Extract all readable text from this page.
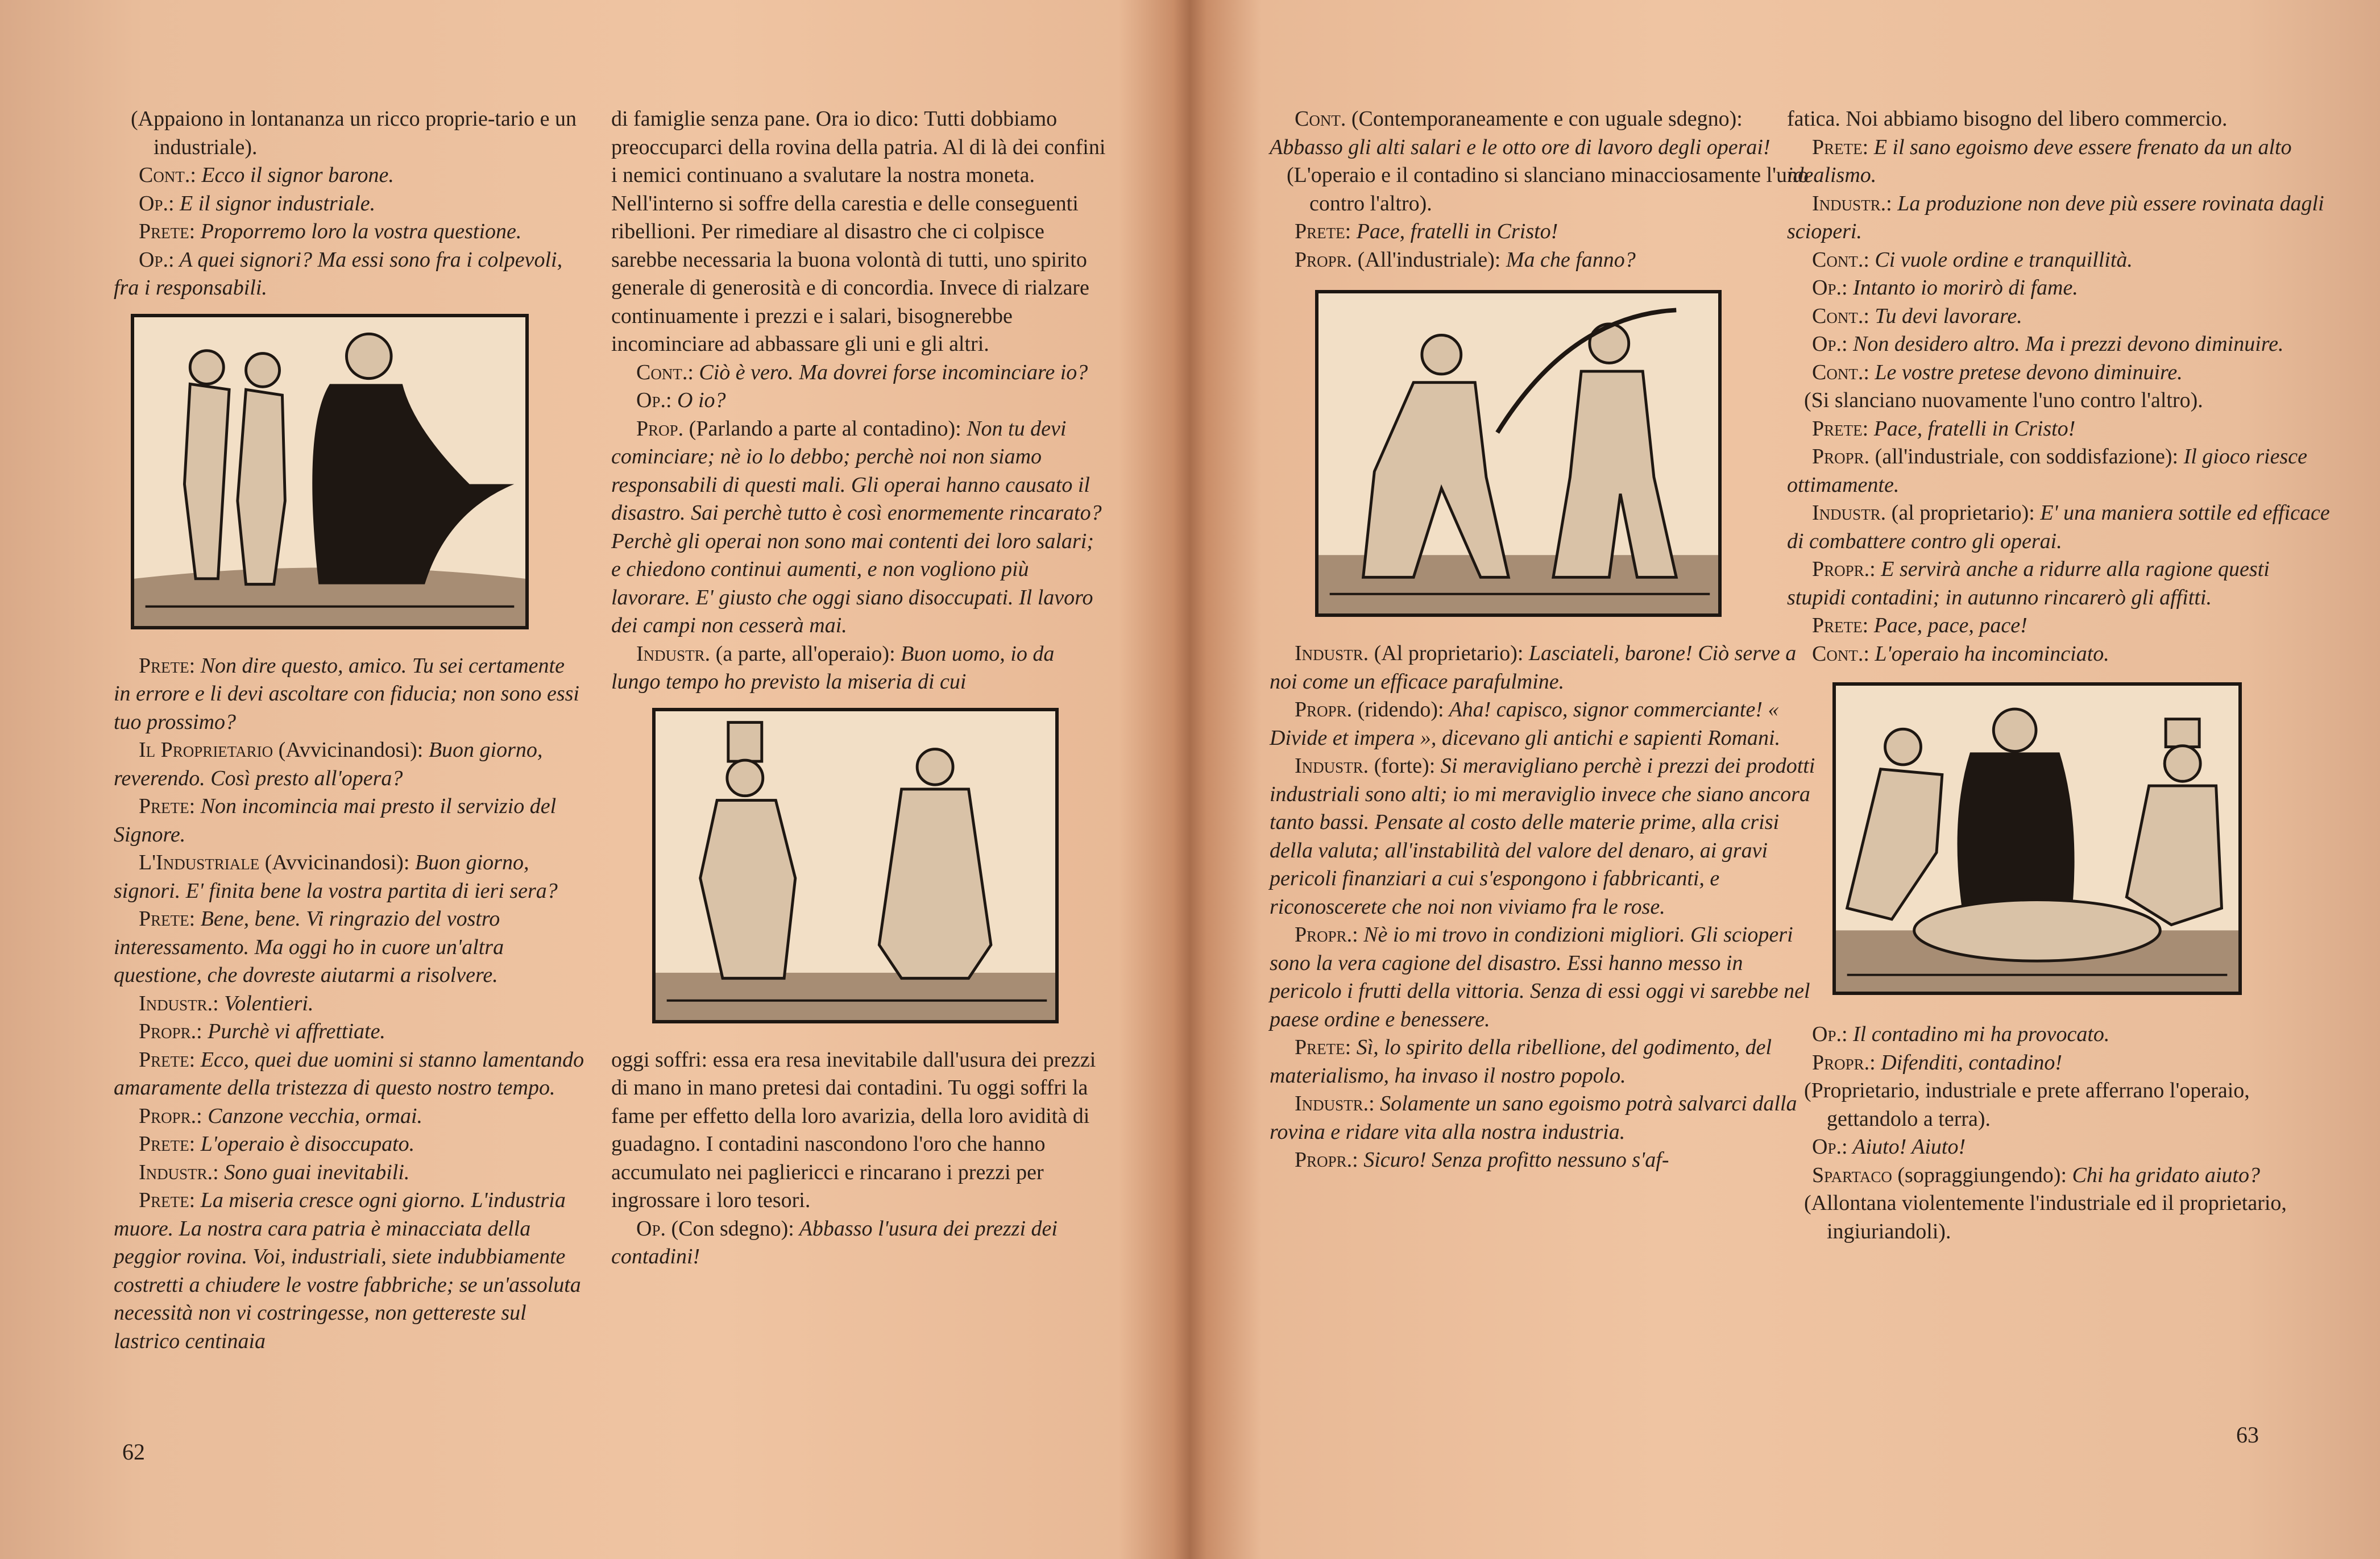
(Appaiono in lontananza un ricco proprie-tario e un industriale).

Cont.: Ecco il signor barone.

Op.: E il signor industriale.

Prete: Proporremo loro la vostra questione.

Op.: A quei signori? Ma essi sono fra i colpevoli, fra i responsabili.

Prete: Non dire questo, amico. Tu sei certamente in errore e li devi ascoltare con fiducia; non sono essi tuo prossimo?

Il Proprietario (Avvicinandosi): Buon giorno, reverendo. Così presto all'opera?

Prete: Non incomincia mai presto il servizio del Signore.

L'Industriale (Avvicinandosi): Buon giorno, signori. E' finita bene la vostra partita di ieri sera?

Prete: Bene, bene. Vi ringrazio del vostro interessamento. Ma oggi ho in cuore un'altra questione, che dovreste aiutarmi a risolvere.

Industr.: Volentieri.

Propr.: Purchè vi affrettiate.

Prete: Ecco, quei due uomini si stanno lamentando amaramente della tristezza di questo nostro tempo.

Propr.: Canzone vecchia, ormai.

Prete: L'operaio è disoccupato.

Industr.: Sono guai inevitabili.

Prete: La miseria cresce ogni giorno. L'industria muore. La nostra cara patria è minacciata della peggior rovina. Voi, industriali, siete indubbiamente costretti a chiudere le vostre fabbriche; se un'assoluta necessità non vi costringesse, non gettereste sul lastrico centinaia

di famiglie senza pane. Ora io dico: Tutti dobbiamo preoccuparci della rovina della patria. Al di là dei confini i nemici continuano a svalutare la nostra moneta. Nell'interno si soffre della carestia e delle conseguenti ribellioni. Per rimediare al disastro che ci colpisce sarebbe necessaria la buona volontà di tutti, uno spirito generale di generosità e di concordia. Invece di rialzare continuamente i prezzi e i salari, bisognerebbe incominciare ad abbassare gli uni e gli altri.

Cont.: Ciò è vero. Ma dovrei forse incominciare io?

Op.: O io?

Prop. (Parlando a parte al contadino): Non tu devi cominciare; nè io lo debbo; perchè noi non siamo responsabili di questi mali. Gli operai hanno causato il disastro. Sai perchè tutto è così enormemente rincarato? Perchè gli operai non sono mai contenti dei loro salari; e chiedono continui aumenti, e non vogliono più lavorare. E' giusto che oggi siano disoccupati. Il lavoro dei campi non cesserà mai.

Industr. (a parte, all'operaio): Buon uomo, io da lungo tempo ho previsto la miseria di cui

oggi soffri: essa era resa inevitabile dall'usura dei prezzi di mano in mano pretesi dai contadini. Tu oggi soffri la fame per effetto della loro avarizia, della loro avidità di guadagno. I contadini nascondono l'oro che hanno accumulato nei pagliericci e rincarano i prezzi per ingrossare i loro tesori.

Op. (Con sdegno): Abbasso l'usura dei prezzi dei contadini!

62

Cont. (Contemporaneamente e con uguale sdegno): Abbasso gli alti salari e le otto ore di lavoro degli operai!

(L'operaio e il contadino si slanciano minacciosamente l'uno contro l'altro).

Prete: Pace, fratelli in Cristo!

Propr. (All'industriale): Ma che fanno?

Industr. (Al proprietario): Lasciateli, barone! Ciò serve a noi come un efficace parafulmine.

Propr. (ridendo): Aha! capisco, signor commerciante! « Divide et impera », dicevano gli antichi e sapienti Romani.

Industr. (forte): Si meravigliano perchè i prezzi dei prodotti industriali sono alti; io mi meraviglio invece che siano ancora tanto bassi. Pensate al costo delle materie prime, alla crisi della valuta; all'instabilità del valore del denaro, ai gravi pericoli finanziari a cui s'espongono i fabbricanti, e riconoscerete che noi non viviamo fra le rose.

Propr.: Nè io mi trovo in condizioni migliori. Gli scioperi sono la vera cagione del disastro. Essi hanno messo in pericolo i frutti della vittoria. Senza di essi oggi vi sarebbe nel paese ordine e benessere.

Prete: Sì, lo spirito della ribellione, del godimento, del materialismo, ha invaso il nostro popolo.

Industr.: Solamente un sano egoismo potrà salvarci dalla rovina e ridare vita alla nostra industria.

Propr.: Sicuro! Senza profitto nessuno s'af-

fatica. Noi abbiamo bisogno del libero commercio.

Prete: E il sano egoismo deve essere frenato da un alto idealismo.

Industr.: La produzione non deve più essere rovinata dagli scioperi.

Cont.: Ci vuole ordine e tranquillità.

Op.: Intanto io morirò di fame.

Cont.: Tu devi lavorare.

Op.: Non desidero altro. Ma i prezzi devono diminuire.

Cont.: Le vostre pretese devono diminuire.

(Si slanciano nuovamente l'uno contro l'altro).

Prete: Pace, fratelli in Cristo!

Propr. (all'industriale, con soddisfazione): Il gioco riesce ottimamente.

Industr. (al proprietario): E' una maniera sottile ed efficace di combattere contro gli operai.

Propr.: E servirà anche a ridurre alla ragione questi stupidi contadini; in autunno rincarerò gli affitti.

Prete: Pace, pace, pace!

Cont.: L'operaio ha incominciato.

Op.: Il contadino mi ha provocato.

Propr.: Difenditi, contadino!

(Proprietario, industriale e prete afferrano l'operaio, gettandolo a terra).

Op.: Aiuto! Aiuto!

Spartaco (sopraggiungendo): Chi ha gridato aiuto?

(Allontana violentemente l'industriale ed il proprietario, ingiuriandoli).

63
